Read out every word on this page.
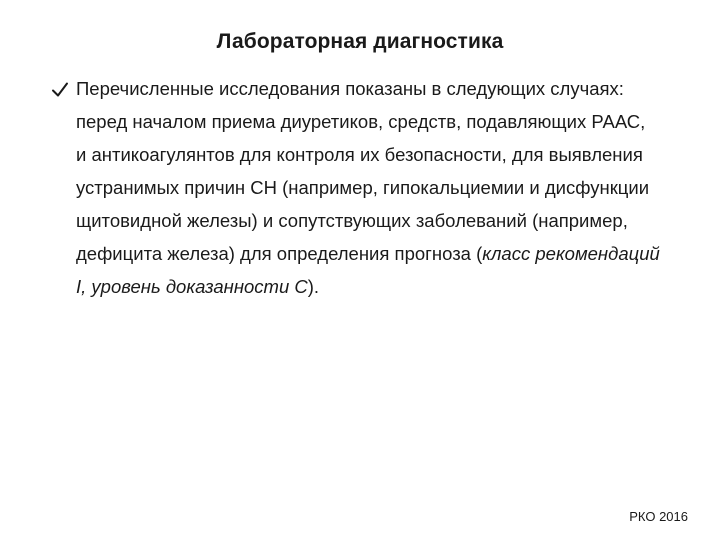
Лабораторная диагностика
Перечисленные исследования показаны в следующих случаях: перед началом приема диуретиков, средств, подавляющих РААС, и антикоагулянтов для контроля их безопасности, для выявления устранимых причин СН (например, гипокальциемии и дисфункции щитовидной железы) и сопутствующих заболеваний (например, дефицита железа) для определения прогноза (класс рекомендаций I, уровень доказанности С).
РКО 2016
